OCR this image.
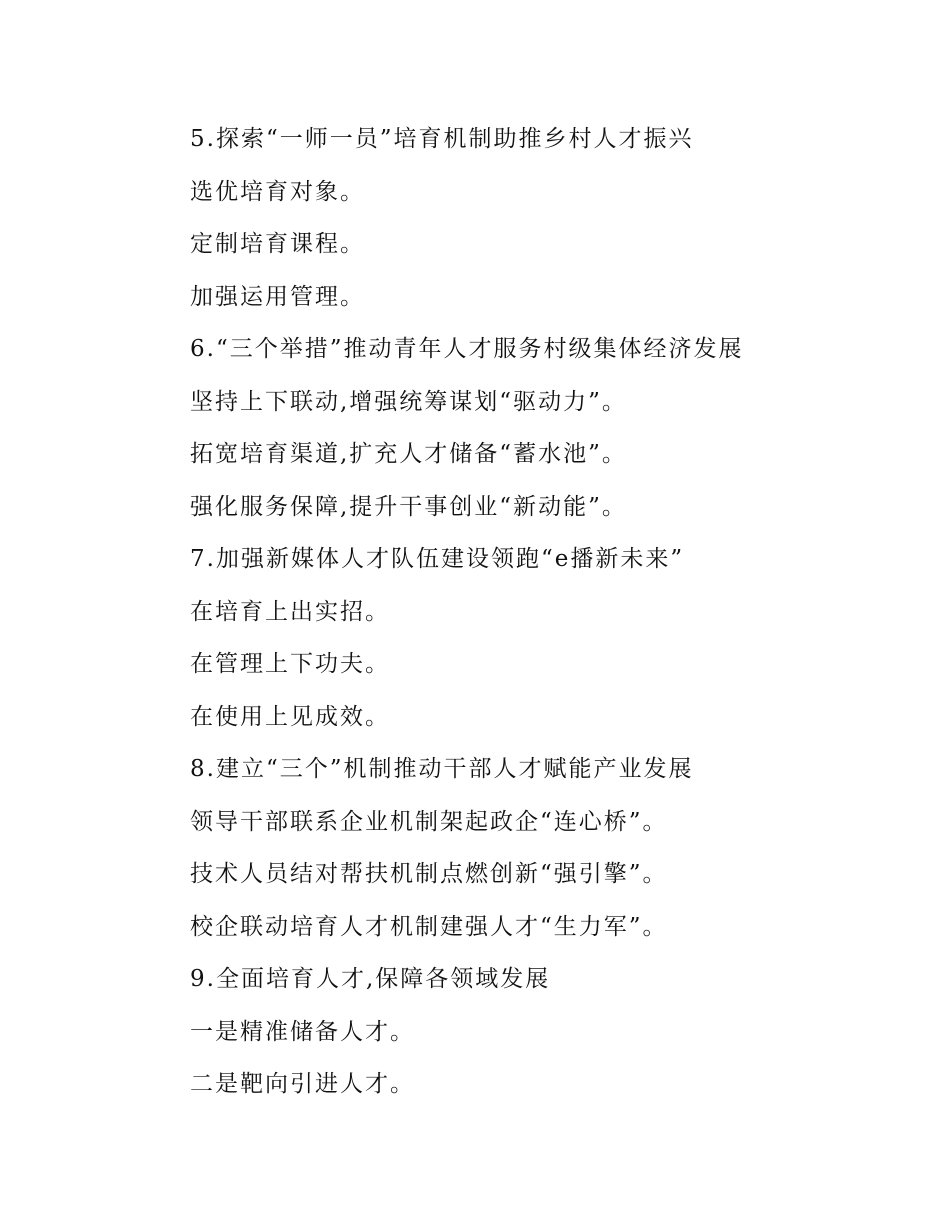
5.探索“一师一员”培育机制助推乡村人才振兴
选优培育对象。
定制培育课程。
加强运用管理。
6.“三个举措”推动青年人才服务村级集体经济发展
坚持上下联动,增强统筹谋划“驱动力”。
拓宽培育渠道,扩充人才储备“蓄水池”。
强化服务保障,提升干事创业“新动能”。
7.加强新媒体人才队伍建设领跑“e播新未来”
在培育上出实招。
在管理上下功夫。
在使用上见成效。
8.建立“三个”机制推动干部人才赋能产业发展
领导干部联系企业机制架起政企“连心桥”。
技术人员结对帮扶机制点燃创新“强引擎”。
校企联动培育人才机制建强人才“生力军”。
9.全面培育人才,保障各领域发展
一是精准储备人才。
二是靶向引进人才。
